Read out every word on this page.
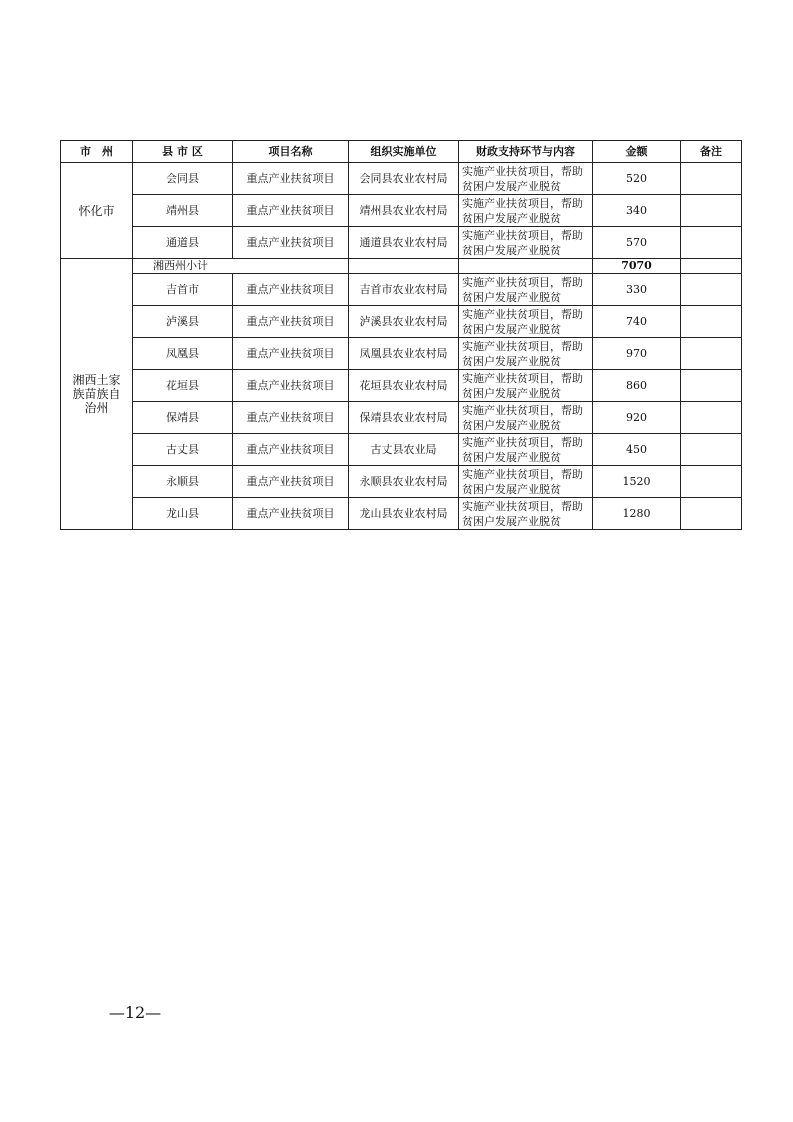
市　州	县 市 区	项目名称	组织实施单位	财政支持环节与内容	金额	备注
怀化市	会同县	重点产业扶贫项目	会同县农业农村局	实施产业扶贫项目，帮助贫困户发展产业脱贫	520	
	靖州县	重点产业扶贫项目	靖州县农业农村局	实施产业扶贫项目，帮助贫困户发展产业脱贫	340	
	通道县	重点产业扶贫项目	通道县农业农村局	实施产业扶贫项目，帮助贫困户发展产业脱贫	570	
湘西土家族苗族自治州	湘西州小计				7070	
	吉首市	重点产业扶贫项目	吉首市农业农村局	实施产业扶贫项目，帮助贫困户发展产业脱贫	330	
	泸溪县	重点产业扶贫项目	泸溪县农业农村局	实施产业扶贫项目，帮助贫困户发展产业脱贫	740	
	凤凰县	重点产业扶贫项目	凤凰县农业农村局	实施产业扶贫项目，帮助贫困户发展产业脱贫	970	
	花垣县	重点产业扶贫项目	花垣县农业农村局	实施产业扶贫项目，帮助贫困户发展产业脱贫	860	
	保靖县	重点产业扶贫项目	保靖县农业农村局	实施产业扶贫项目，帮助贫困户发展产业脱贫	920	
	古丈县	重点产业扶贫项目	古丈县农业局	实施产业扶贫项目，帮助贫困户发展产业脱贫	450	
	永顺县	重点产业扶贫项目	永顺县农业农村局	实施产业扶贫项目，帮助贫困户发展产业脱贫	1520	
	龙山县	重点产业扶贫项目	龙山县农业农村局	实施产业扶贫项目，帮助贫困户发展产业脱贫	1280	
—12—
